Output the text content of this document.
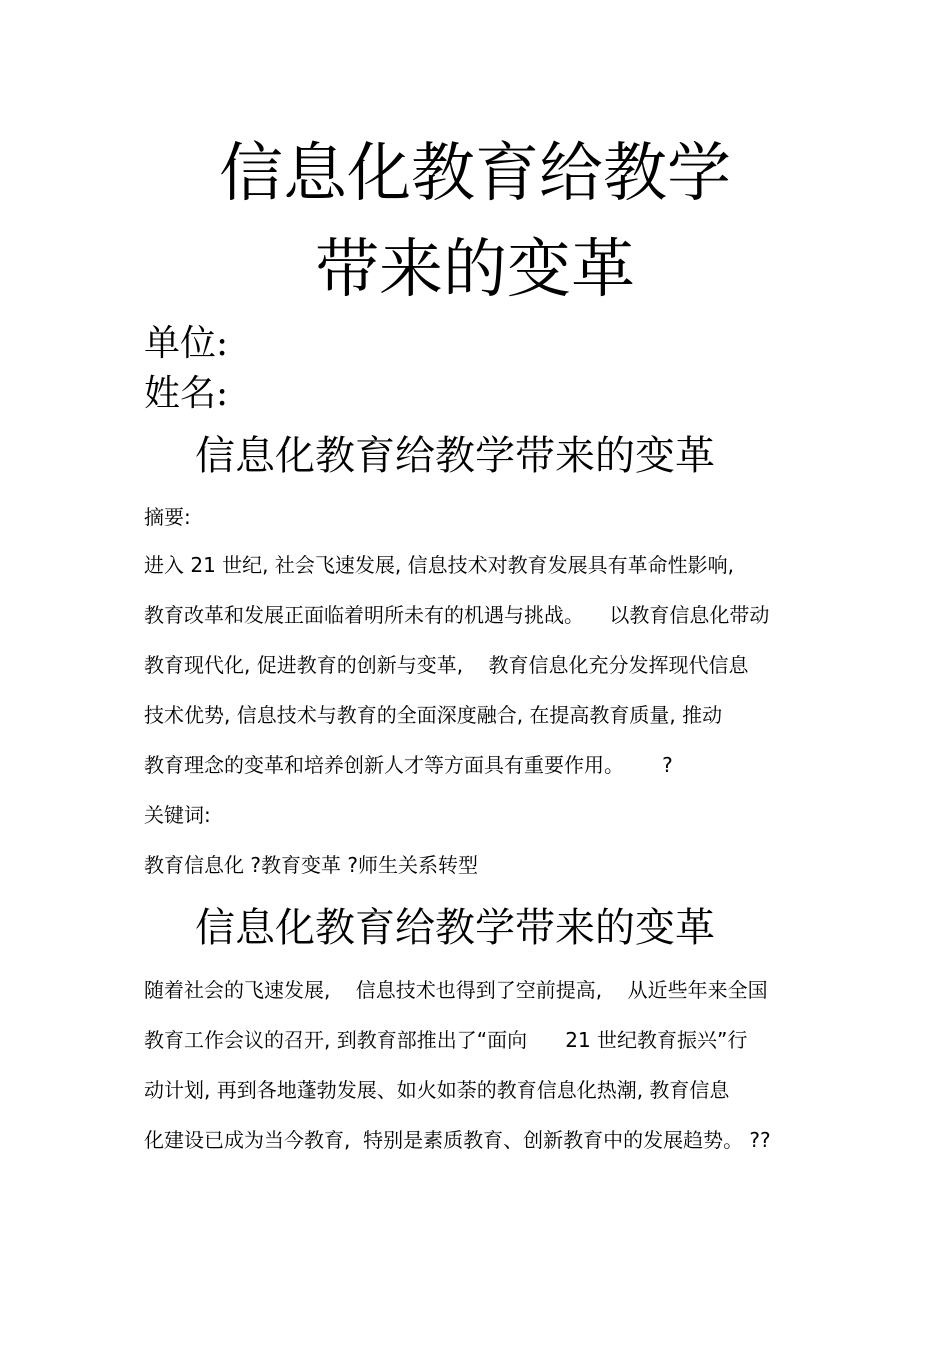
信息化教育给教学
带来的变革
单位:
姓名:
信息化教育给教学带来的变革
摘要:
进入 21 世纪, 社会飞速发展, 信息技术对教育发展具有革命性影响,
教育改革和发展正面临着明所未有的机遇与挑战。    以教育信息化带动
教育现代化, 促进教育的创新与变革,    教育信息化充分发挥现代信息
技术优势, 信息技术与教育的全面深度融合, 在提高教育质量, 推动
教育理念的变革和培养创新人才等方面具有重要作用。      ?
关键词:
教育信息化 ?教育变革 ?师生关系转型
信息化教育给教学带来的变革
随着社会的飞速发展,    信息技术也得到了空前提高,    从近些年来全国
教育工作会议的召开, 到教育部推出了“面向      21 世纪教育振兴”行
动计划, 再到各地蓬勃发展、如火如荼的教育信息化热潮, 教育信息
化建设已成为当今教育,  特别是素质教育、创新教育中的发展趋势。 ??
